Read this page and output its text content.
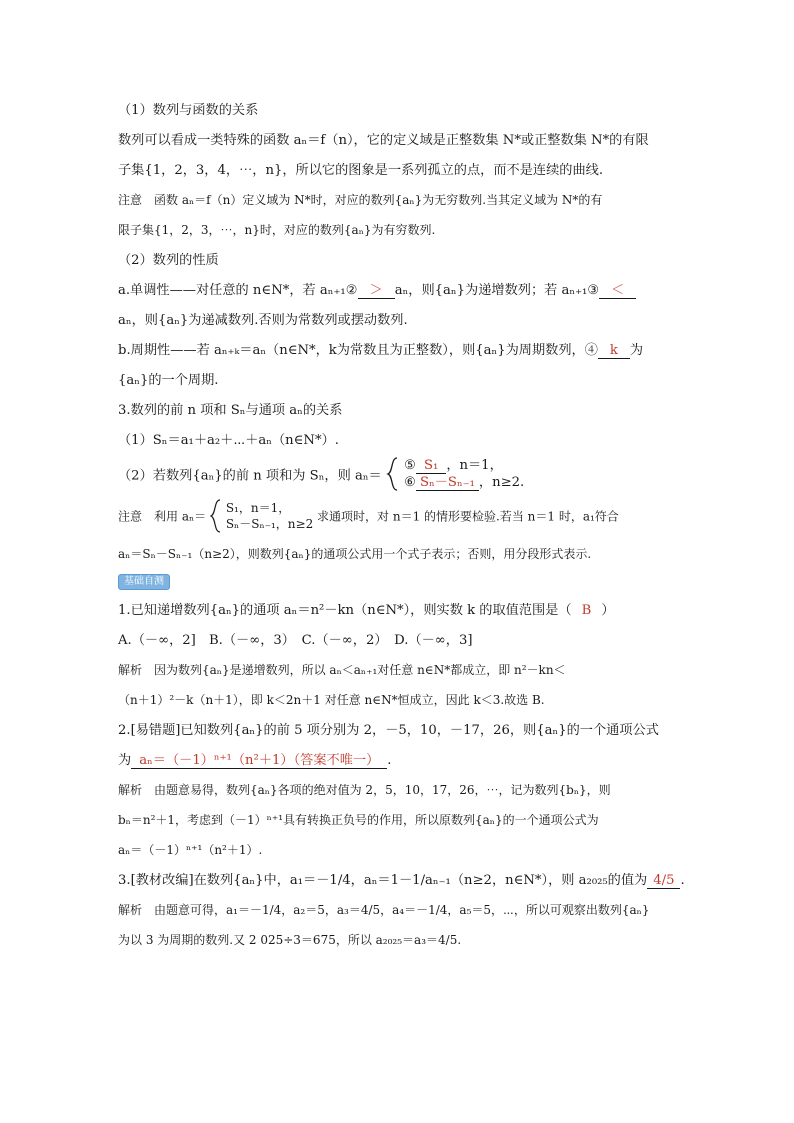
（1）数列与函数的关系
数列可以看成一类特殊的函数 aₙ＝f（n），它的定义域是正整数集 N*或正整数集 N*的有限
子集{1，2，3，4，⋯，n}，所以它的图象是一系列孤立的点，而不是连续的曲线.
注意　函数 aₙ＝f（n）定义域为 N*时，对应的数列{aₙ}为无穷数列.当其定义域为 N*的有
限子集{1，2，3，⋯，n}时，对应的数列{aₙ}为有穷数列.
（2）数列的性质
a.单调性——对任意的 n∈N*，若 aₙ₊₁② ＞ aₙ，则{aₙ}为递增数列；若 aₙ₊₁③ ＜
aₙ，则{aₙ}为递减数列.否则为常数列或摆动数列.
b.周期性——若 aₙ₊ₖ＝aₙ（n∈N*，k为常数且为正整数），则{aₙ}为周期数列，④ k 为
{aₙ}的一个周期.
3.数列的前 n 项和 Sₙ与通项 aₙ的关系
（1）Sₙ＝a₁＋a₂＋⋯＋aₙ（n∈N*）.
（2）若数列{aₙ}的前 n 项和为 Sₙ，则 aₙ＝
⑤ S₁ ，n＝1，
⑥ Sₙ－Sₙ₋₁ ，n≥2.
注意　利用 aₙ＝
S₁，n＝1，
Sₙ－Sₙ₋₁，n≥2
求通项时，对 n＝1 的情形要检验.若当 n＝1 时，a₁符合
aₙ＝Sₙ－Sₙ₋₁（n≥2），则数列{aₙ}的通项公式用一个式子表示；否则，用分段形式表示.
基础自测
1.已知递增数列{aₙ}的通项 aₙ＝n²－kn（n∈N*），则实数 k 的取值范围是（ B ）
A.（－∞，2]　B.（－∞，3）　C.（－∞，2）　D.（－∞，3]
解析　因为数列{aₙ}是递增数列，所以 aₙ＜aₙ₊₁对任意 n∈N*都成立，即 n²－kn＜
（n＋1）²－k（n＋1），即 k＜2n＋1 对任意 n∈N*恒成立，因此 k＜3.故选 B.
2.[易错题]已知数列{aₙ}的前 5 项分别为 2，－5，10，－17，26，则{aₙ}的一个通项公式
为 aₙ＝（－1）ⁿ⁺¹（n²＋1）（答案不唯一） .
解析　由题意易得，数列{aₙ}各项的绝对值为 2，5，10，17，26，⋯，记为数列{bₙ}，则
bₙ＝n²＋1，考虑到（－1）ⁿ⁺¹具有转换正负号的作用，所以原数列{aₙ}的一个通项公式为
aₙ＝（－1）ⁿ⁺¹（n²＋1）.
3.[教材改编]在数列{aₙ}中，a₁＝－1/4，aₙ＝1－1/aₙ₋₁（n≥2，n∈N*），则 a₂₀₂₅的值为 4/5 .
解析　由题意可得，a₁＝－1/4，a₂＝5，a₃＝4/5，a₄＝－1/4，a₅＝5，⋯，所以可观察出数列{aₙ}
为以 3 为周期的数列.又 2 025÷3＝675，所以 a₂₀₂₅＝a₃＝4/5.
